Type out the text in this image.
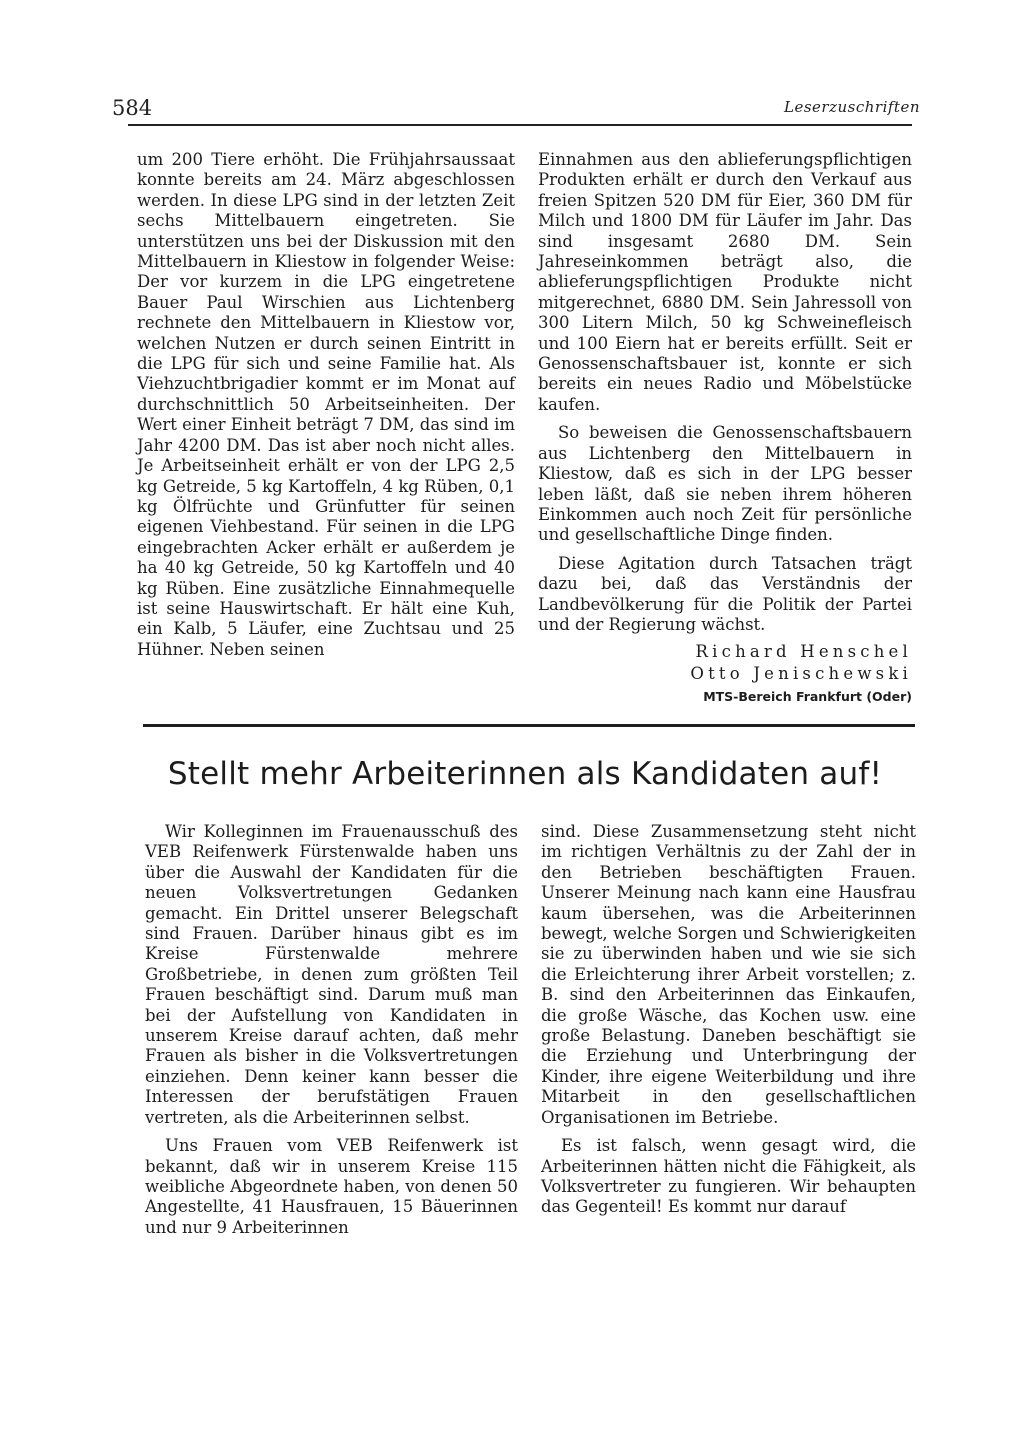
584	Leserzuschriften

um 200 Tiere erhöht. Die Frühjahrsaussaat konnte bereits am 24. März abgeschlossen werden. In diese LPG sind in der letzten Zeit sechs Mittelbauern eingetreten. Sie unterstützen uns bei der Diskussion mit den Mittelbauern in Kliestow in folgender Weise: Der vor kurzem in die LPG eingetretene Bauer Paul Wirschien aus Lichtenberg rechnete den Mittelbauern in Kliestow vor, welchen Nutzen er durch seinen Eintritt in die LPG für sich und seine Familie hat. Als Viehzuchtbrigadier kommt er im Monat auf durchschnittlich 50 Arbeitseinheiten. Der Wert einer Einheit beträgt 7 DM, das sind im Jahr 4200 DM. Das ist aber noch nicht alles. Je Arbeitseinheit erhält er von der LPG 2,5 kg Getreide, 5 kg Kartoffeln, 4 kg Rüben, 0,1 kg Ölfrüchte und Grünfutter für seinen eigenen Viehbestand. Für seinen in die LPG eingebrachten Acker erhält er außerdem je ha 40 kg Getreide, 50 kg Kartoffeln und 40 kg Rüben. Eine zusätzliche Einnahmequelle ist seine Hauswirtschaft. Er hält eine Kuh, ein Kalb, 5 Läufer, eine Zuchtsau und 25 Hühner. Neben seinen

Einnahmen aus den ablieferungspflichtigen Produkten erhält er durch den Verkauf aus freien Spitzen 520 DM für Eier, 360 DM für Milch und 1800 DM für Läufer im Jahr. Das sind insgesamt 2680 DM. Sein Jahreseinkommen beträgt also, die ablieferungspflichtigen Produkte nicht mitgerechnet, 6880 DM. Sein Jahressoll von 300 Litern Milch, 50 kg Schweinefleisch und 100 Eiern hat er bereits erfüllt. Seit er Genossenschaftsbauer ist, konnte er sich bereits ein neues Radio und Möbelstücke kaufen.

So beweisen die Genossenschaftsbauern aus Lichtenberg den Mittelbauern in Kliestow, daß es sich in der LPG besser leben läßt, daß sie neben ihrem höheren Einkommen auch noch Zeit für persönliche und gesellschaftliche Dinge finden.

Diese Agitation durch Tatsachen trägt dazu bei, daß das Verständnis der Landbevölkerung für die Politik der Partei und der Regierung wächst.

Richard Henschel
Otto Jenischewski
MTS-Bereich Frankfurt (Oder)
Stellt mehr Arbeiterinnen als Kandidaten auf!

Wir Kolleginnen im Frauenausschuß des VEB Reifenwerk Fürstenwalde haben uns über die Auswahl der Kandidaten für die neuen Volksvertretungen Gedanken gemacht. Ein Drittel unserer Belegschaft sind Frauen. Darüber hinaus gibt es im Kreise Fürstenwalde mehrere Großbetriebe, in denen zum größten Teil Frauen beschäftigt sind. Darum muß man bei der Aufstellung von Kandidaten in unserem Kreise darauf achten, daß mehr Frauen als bisher in die Volksvertretungen einziehen. Denn keiner kann besser die Interessen der berufstätigen Frauen vertreten, als die Arbeiterinnen selbst.

Uns Frauen vom VEB Reifenwerk ist bekannt, daß wir in unserem Kreise 115 weibliche Abgeordnete haben, von denen 50 Angestellte, 41 Hausfrauen, 15 Bäuerinnen und nur 9 Arbeiterinnen

sind. Diese Zusammensetzung steht nicht im richtigen Verhältnis zu der Zahl der in den Betrieben beschäftigten Frauen. Unserer Meinung nach kann eine Hausfrau kaum übersehen, was die Arbeiterinnen bewegt, welche Sorgen und Schwierigkeiten sie zu überwinden haben und wie sie sich die Erleichterung ihrer Arbeit vorstellen; z. B. sind den Arbeiterinnen das Einkaufen, die große Wäsche, das Kochen usw. eine große Belastung. Daneben beschäftigt sie die Erziehung und Unterbringung der Kinder, ihre eigene Weiterbildung und ihre Mitarbeit in den gesellschaftlichen Organisationen im Betriebe.

Es ist falsch, wenn gesagt wird, die Arbeiterinnen hätten nicht die Fähigkeit, als Volksvertreter zu fungieren. Wir behaupten das Gegenteil! Es kommt nur darauf
